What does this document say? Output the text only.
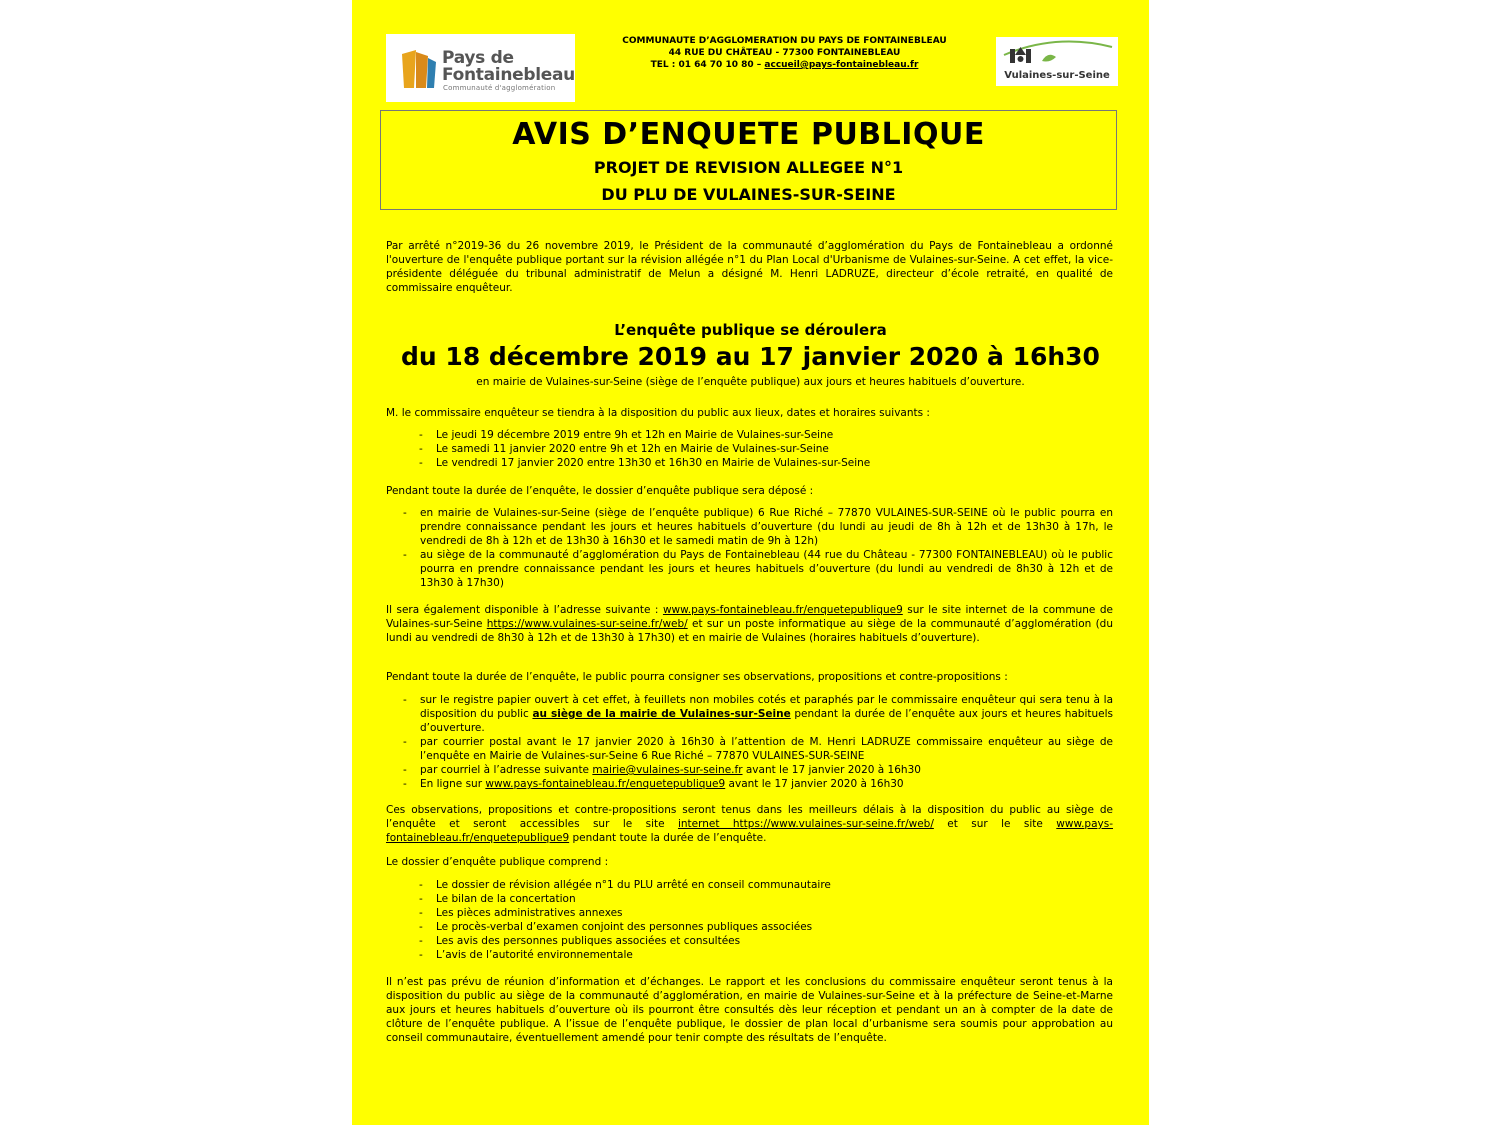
Pays de
Fontainebleau
Communauté d'agglomération
COMMUNAUTE D’AGGLOMERATION DU PAYS DE FONTAINEBLEAU
44 RUE DU CHÂTEAU - 77300 FONTAINEBLEAU
TEL : 01 64 70 10 80 – accueil@pays-fontainebleau.fr
Vulaines-sur-Seine
AVIS D’ENQUETE PUBLIQUE
PROJET DE REVISION ALLEGEE N°1
DU PLU DE VULAINES-SUR-SEINE
Par arrêté n°2019-36 du 26 novembre 2019, le Président de la communauté d’agglomération du Pays de Fontainebleau a ordonné l'ouverture de l'enquête publique portant sur la révision allégée n°1 du Plan Local d'Urbanisme de Vulaines-sur-Seine. A cet effet, la vice-présidente déléguée du tribunal administratif de Melun a désigné M. Henri LADRUZE, directeur d’école retraité, en qualité de commissaire enquêteur.
L’enquête publique se déroulera
du 18 décembre 2019 au 17 janvier 2020 à 16h30
en mairie de Vulaines-sur-Seine (siège de l’enquête publique) aux jours et heures habituels d’ouverture.
M. le commissaire enquêteur se tiendra à la disposition du public aux lieux, dates et horaires suivants :
- Le jeudi 19 décembre 2019 entre 9h et 12h en Mairie de Vulaines-sur-Seine
- Le samedi 11 janvier 2020 entre 9h et 12h en Mairie de Vulaines-sur-Seine
- Le vendredi 17 janvier 2020 entre 13h30 et 16h30 en Mairie de Vulaines-sur-Seine
Pendant toute la durée de l’enquête, le dossier d’enquête publique sera déposé :
- en mairie de Vulaines-sur-Seine (siège de l’enquête publique) 6 Rue Riché – 77870 VULAINES-SUR-SEINE où le public pourra en prendre connaissance pendant les jours et heures habituels d’ouverture (du lundi au jeudi de 8h à 12h et de 13h30 à 17h, le vendredi de 8h à 12h et de 13h30 à 16h30 et le samedi matin de 9h à 12h)
- au siège de la communauté d’agglomération du Pays de Fontainebleau (44 rue du Château - 77300 FONTAINEBLEAU) où le public pourra en prendre connaissance pendant les jours et heures habituels d’ouverture (du lundi au vendredi de 8h30 à 12h et de 13h30 à 17h30)
Il sera également disponible à l’adresse suivante : www.pays-fontainebleau.fr/enquetepublique9 sur le site internet de la commune de Vulaines-sur-Seine https://www.vulaines-sur-seine.fr/web/ et sur un poste informatique au siège de la communauté d’agglomération (du lundi au vendredi de 8h30 à 12h et de 13h30 à 17h30) et en mairie de Vulaines (horaires habituels d’ouverture).
Pendant toute la durée de l’enquête, le public pourra consigner ses observations, propositions et contre-propositions :
- sur le registre papier ouvert à cet effet, à feuillets non mobiles cotés et paraphés par le commissaire enquêteur qui sera tenu à la disposition du public au siège de la mairie de Vulaines-sur-Seine pendant la durée de l’enquête aux jours et heures habituels d’ouverture.
- par courrier postal avant le 17 janvier 2020 à 16h30 à l’attention de M. Henri LADRUZE commissaire enquêteur au siège de l’enquête en Mairie de Vulaines-sur-Seine 6 Rue Riché – 77870 VULAINES-SUR-SEINE
- par courriel à l’adresse suivante mairie@vulaines-sur-seine.fr avant le 17 janvier 2020 à 16h30
- En ligne sur www.pays-fontainebleau.fr/enquetepublique9 avant le 17 janvier 2020 à 16h30
Ces observations, propositions et contre-propositions seront tenus dans les meilleurs délais à la disposition du public au siège de l’enquête et seront accessibles sur le site internet https://www.vulaines-sur-seine.fr/web/ et sur le site www.pays-fontainebleau.fr/enquetepublique9 pendant toute la durée de l’enquête.
Le dossier d’enquête publique comprend :
- Le dossier de révision allégée n°1 du PLU arrêté en conseil communautaire
- Le bilan de la concertation
- Les pièces administratives annexes
- Le procès-verbal d’examen conjoint des personnes publiques associées
- Les avis des personnes publiques associées et consultées
- L’avis de l’autorité environnementale
Il n’est pas prévu de réunion d’information et d’échanges. Le rapport et les conclusions du commissaire enquêteur seront tenus à la disposition du public au siège de la communauté d’agglomération, en mairie de Vulaines-sur-Seine et à la préfecture de Seine-et-Marne aux jours et heures habituels d’ouverture où ils pourront être consultés dès leur réception et pendant un an à compter de la date de clôture de l’enquête publique. A l’issue de l’enquête publique, le dossier de plan local d’urbanisme sera soumis pour approbation au conseil communautaire, éventuellement amendé pour tenir compte des résultats de l’enquête.
